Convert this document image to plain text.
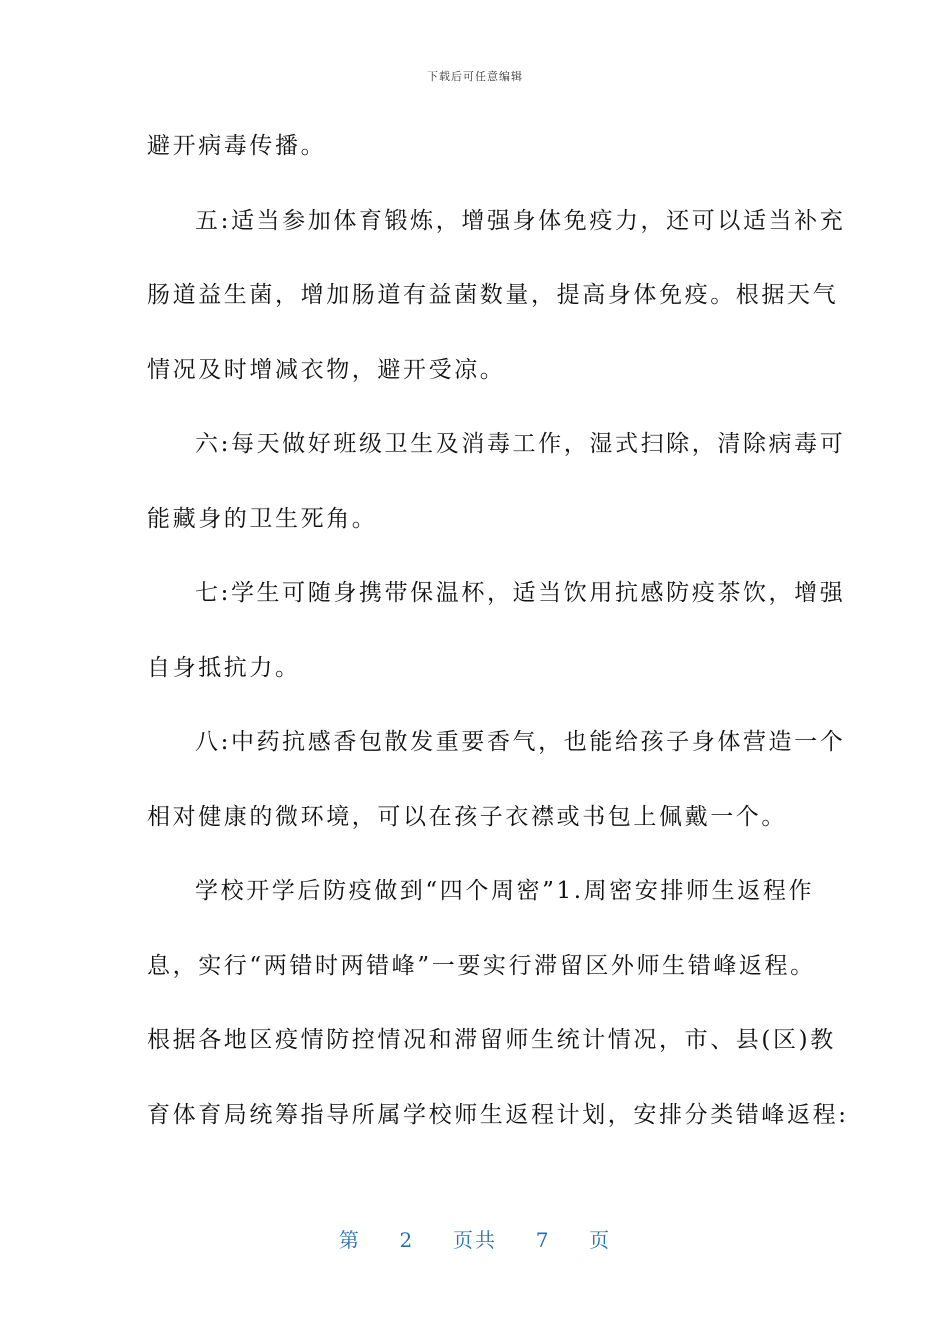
下载后可任意编辑
避开病毒传播。
五:适当参加体育锻炼，增强身体免疫力，还可以适当补充
肠道益生菌，增加肠道有益菌数量，提高身体免疫。根据天气
情况及时增减衣物，避开受凉。
六:每天做好班级卫生及消毒工作，湿式扫除，清除病毒可
能藏身的卫生死角。
七:学生可随身携带保温杯，适当饮用抗感防疫茶饮，增强
自身抵抗力。
八:中药抗感香包散发重要香气，也能给孩子身体营造一个
相对健康的微环境，可以在孩子衣襟或书包上佩戴一个。
学校开学后防疫做到“四个周密”1.周密安排师生返程作
息，实行“两错时两错峰”一要实行滞留区外师生错峰返程。
根据各地区疫情防控情况和滞留师生统计情况，市、县(区)教
育体育局统筹指导所属学校师生返程计划，安排分类错峰返程:
第 2 页共 7 页
